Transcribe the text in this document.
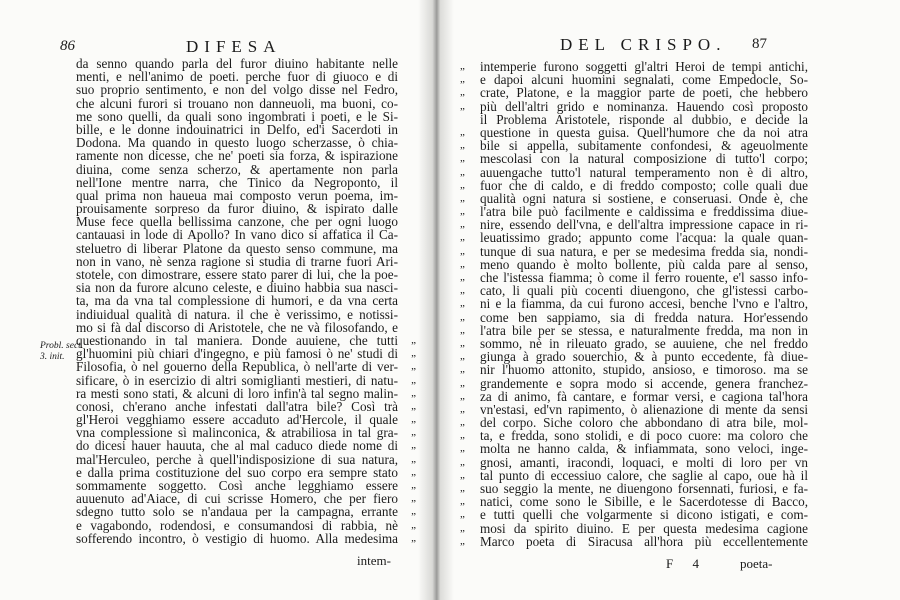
86	DIFESA
Probl. sect.
3. init.
da senno quando parla del furor diuino habitante nelle
menti, e nell'animo de poeti. perche fuor di giuoco e di
suo proprio sentimento, e non del volgo disse nel Fedro,
che alcuni furori si trouano non danneuoli, ma buoni, co-
me sono quelli, da quali sono ingombrati i poeti, e le Si-
bille, e le donne indouinatrici in Delfo, ed'i Sacerdoti in
Dodona. Ma quando in questo luogo scherzasse, ò chia-
ramente non dicesse, che ne' poeti sia forza, & ispirazione
diuina, come senza scherzo, & apertamente non parla
nell'Ione mentre narra, che Tinico da Negroponto, il
qual prima non haueua mai composto verun poema, im-
prouisamente sorpreso da furor diuino, & ispirato dalle
Muse fece quella bellissima canzone, che per ogni luogo
cantauasi in lode di Apollo? In vano dico si affatica il Ca-
steluetro di liberar Platone da questo senso commune, ma
non in vano, nè senza ragione si studia di trarne fuori Ari-
stotele, con dimostrare, essere stato parer di lui, che la poe-
sia non da furore alcuno celeste, e diuino habbia sua nasci-
ta, ma da vna tal complessione di humori, e da vna certa
indiuidual qualità di natura. il che è verissimo, e notissi-
mo si fà dal discorso di Aristotele, che ne và filosofando, e
questionando in tal maniera. Donde auuiene, che tutti „
gl'huomini più chiari d'ingegno, e più famosi ò ne' studi di „
Filosofia, ò nel gouerno della Republica, ò nell'arte di ver- „
sificare, ò in esercizio di altri somiglianti mestieri, di natu- „
ra mesti sono stati, & alcuni di loro infin'à tal segno malin- „
conosi, ch'erano anche infestati dall'atra bile? Così trà „
gl'Heroi vegghiamo essere accaduto ad'Hercole, il quale „
vna complessione sì malinconica, & atrabiliosa in tal gra- „
do dicesi hauer hauuta, che al mal caduco diede nome di „
mal'Herculeo, perche à quell'indisposizione di sua natura, „
e dalla prima costituzione del suo corpo era sempre stato „
sommamente soggetto. Così anche legghiamo essere „
auuenuto ad'Aiace, di cui scrisse Homero, che per fiero „
sdegno tutto solo se n'andaua per la campagna, errante „
e vagabondo, rodendosi, e consumandosi di rabbia, nè „
sofferendo incontro, ò vestigio di huomo. Alla medesima „
intem-
DEL CRISPO. 87
intemperie furono soggetti gl'altri Heroi de tempi antichi,
„
e dapoi alcuni huomini segnalati, come Empedocle, So-
„
crate, Platone, e la maggior parte de poeti, che hebbero
„
più dell'altri grido e nominanza. Hauendo così proposto
„
il Problema Aristotele, risponde al dubbio, e decide la
questione in questa guisa. Quell'humore che da noi atra
„
bile si appella, subitamente confondesi, & ageuolmente
„
mescolasi con la natural composizione di tutto'l corpo;
„
auuengache tutto'l natural temperamento non è di altro,
„
fuor che di caldo, e di freddo composto; colle quali due
„
qualità ogni natura si sostiene, e conseruasi. Onde è, che
„
l'atra bile può facilmente e caldissima e freddissima diue-
„
nire, essendo dell'vna, e dell'altra impressione capace in ri-
„
leuatissimo grado; appunto come l'acqua: la quale quan-
„
tunque di sua natura, e per se medesima fredda sia, nondi-
„
meno quando è molto bollente, più calda pare al senso,
„
che l'istessa fiamma; ò come il ferro rouente, e'l sasso info-
„
cato, li quali più cocenti diuengono, che gl'istessi carbo-
„
ni e la fiamma, da cui furono accesi, benche l'vno e l'altro,
„
come ben sappiamo, sia di fredda natura. Hor'essendo
„
l'atra bile per se stessa, e naturalmente fredda, ma non in
„
sommo, nè in rileuato grado, se auuiene, che nel freddo
„
giunga à grado souerchio, & à punto eccedente, fà diue-
„
nir l'huomo attonito, stupido, ansioso, e timoroso. ma se
„
grandemente e sopra modo si accende, genera franchez-
„
za di animo, fà cantare, e formar versi, e cagiona tal'hora
„
vn'estasi, ed'vn rapimento, ò alienazione di mente da sensi
„
del corpo. Siche coloro che abbondano di atra bile, mol-
„
ta, e fredda, sono stolidi, e di poco cuore: ma coloro che
„
molta ne hanno calda, & infiammata, sono veloci, inge-
„
gnosi, amanti, iracondi, loquaci, e molti di loro per vn
„
tal punto di eccessiuo calore, che saglie al capo, oue hà il
„
suo seggio la mente, ne diuengono forsennati, furiosi, e fa-
„
natici, come sono le Sibille, e le Sacerdotesse di Bacco,
„
e tutti quelli che volgarmente si dicono istigati, e com-
„
mosi da spirito diuino. E per questa medesima cagione
„
Marco poeta di Siracusa all'hora più eccellentemente
„
F 4	poeta-
